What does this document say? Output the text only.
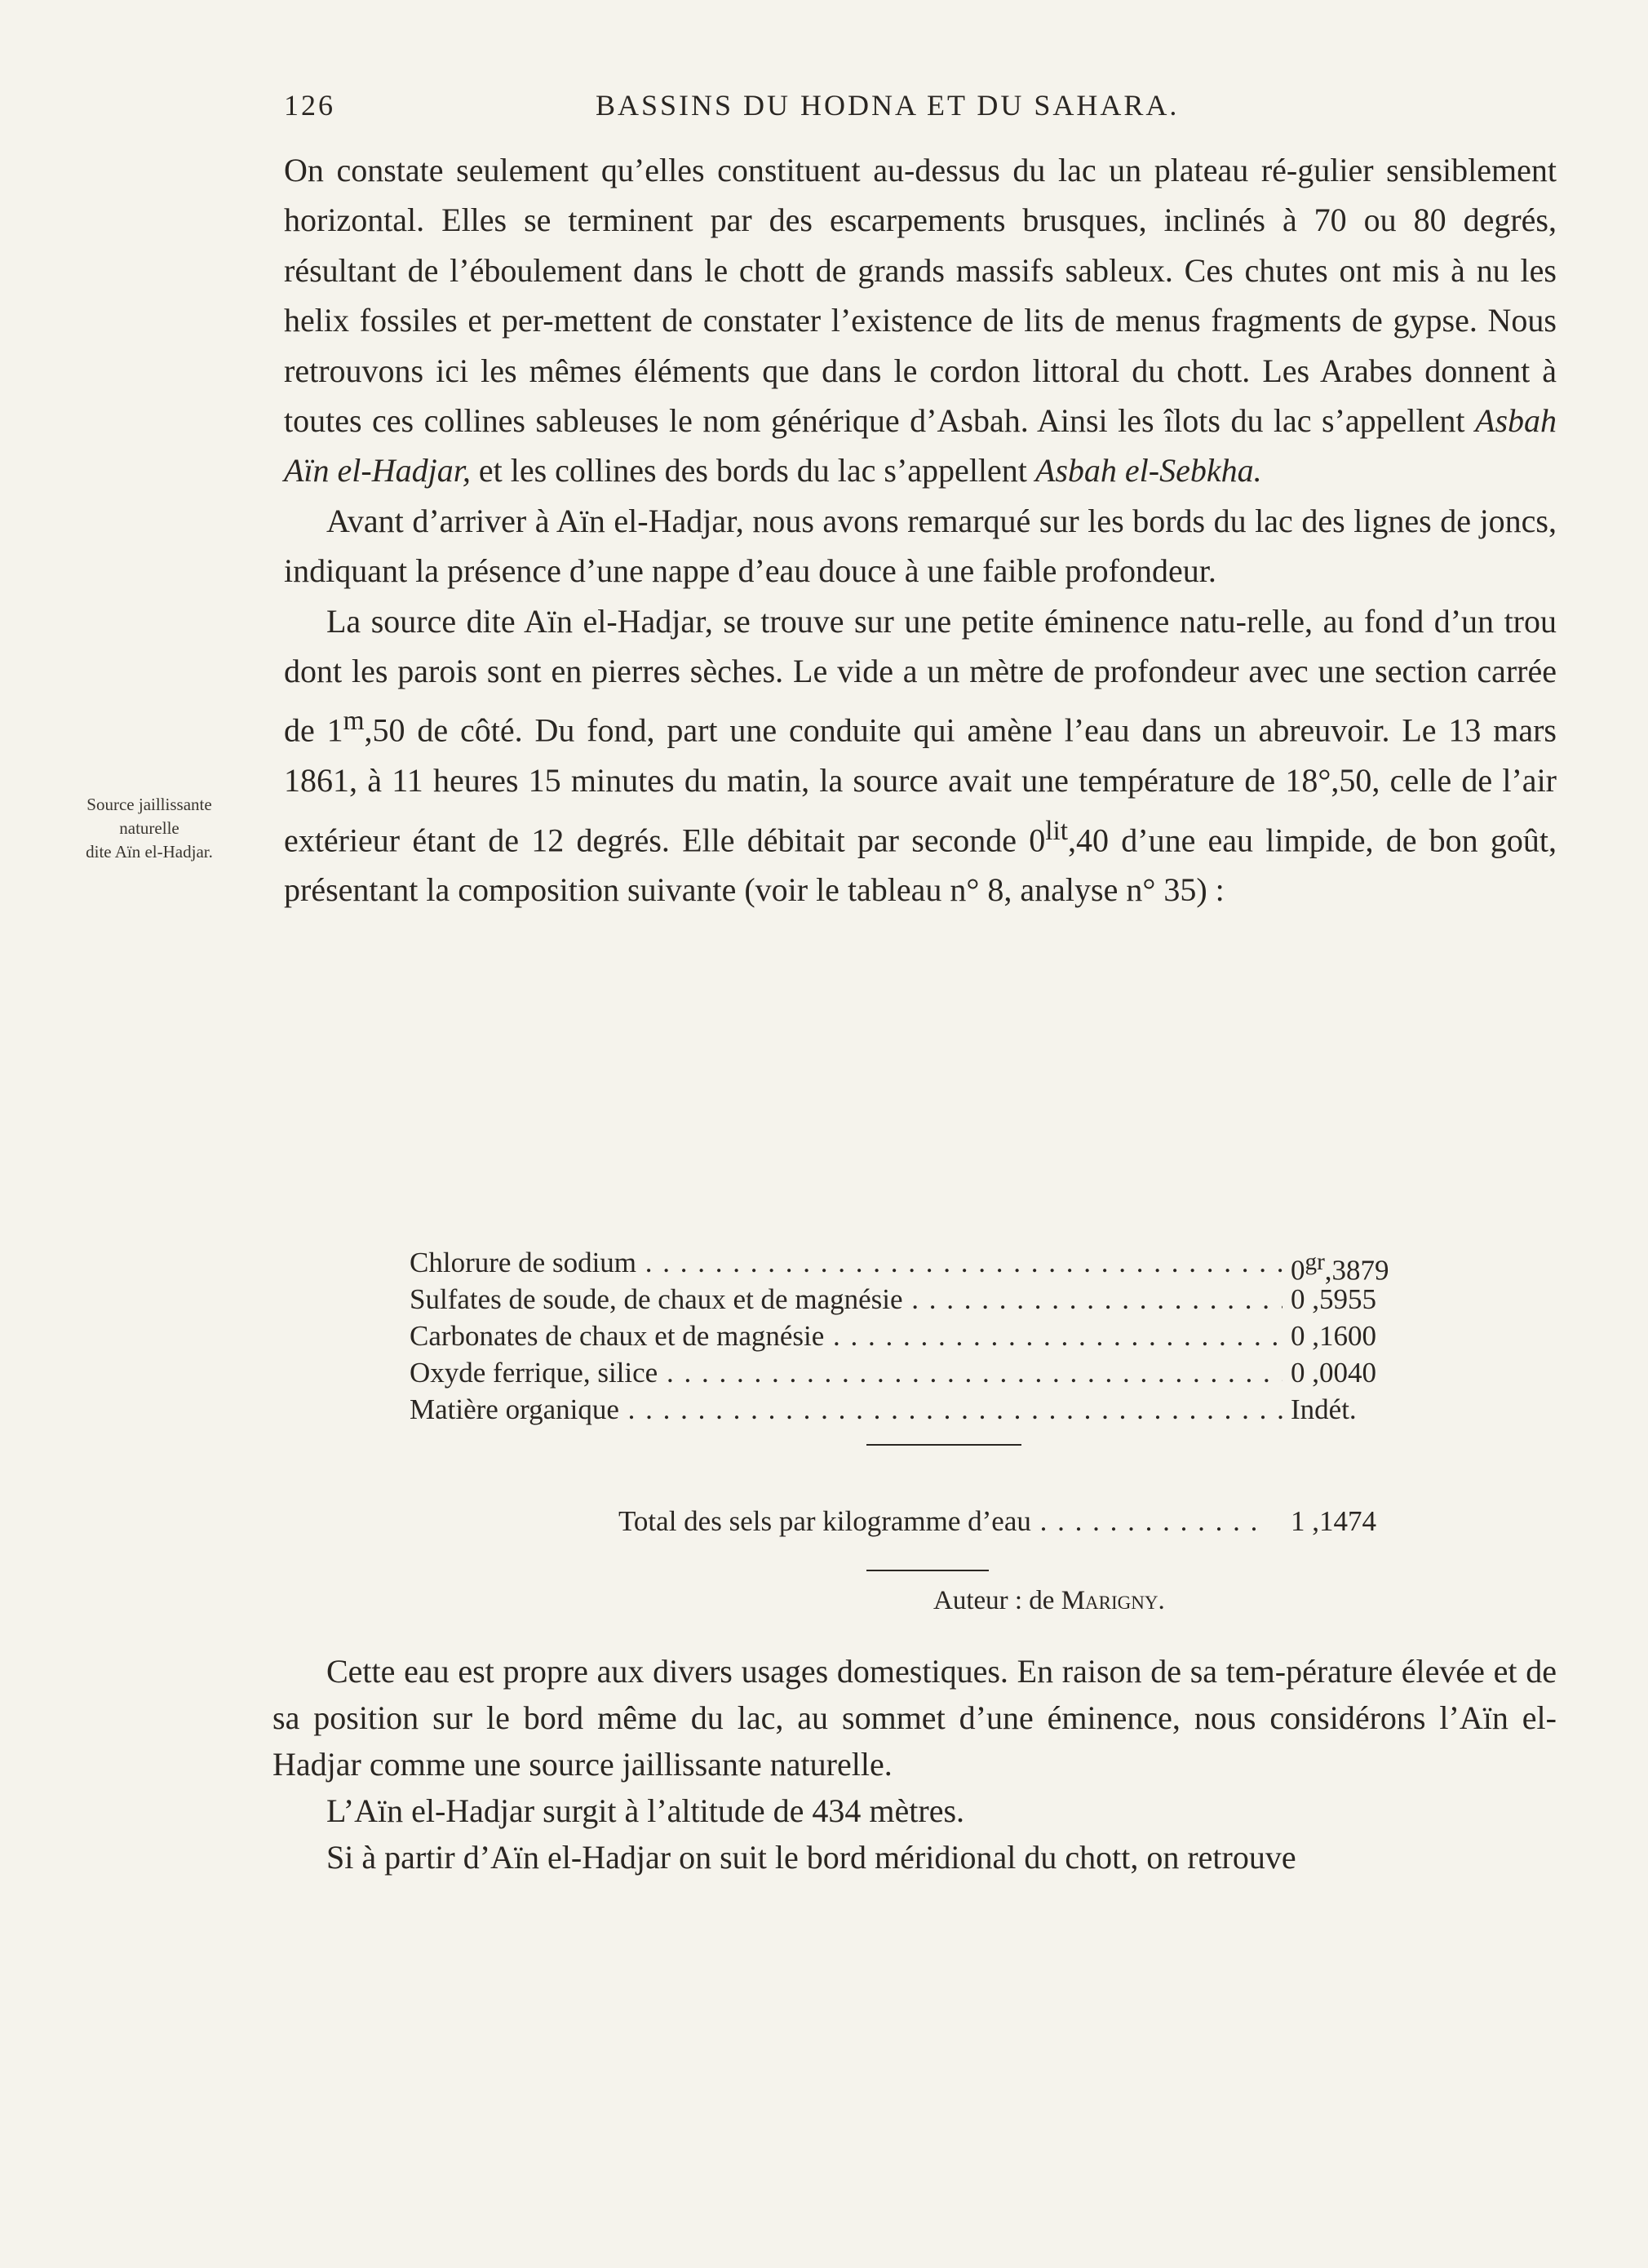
126	BASSINS DU HODNA ET DU SAHARA.
Source jaillissante
naturelle
dite Aïn el-Hadjar.

On constate seulement qu’elles constituent au-dessus du lac un plateau ré-gulier sensiblement horizontal. Elles se terminent par des escarpements brusques, inclinés à 70 ou 80 degrés, résultant de l’éboulement dans le chott de grands massifs sableux. Ces chutes ont mis à nu les helix fossiles et per-mettent de constater l’existence de lits de menus fragments de gypse. Nous retrouvons ici les mêmes éléments que dans le cordon littoral du chott. Les Arabes donnent à toutes ces collines sableuses le nom générique d’Asbah. Ainsi les îlots du lac s’appellent Asbah Aïn el-Hadjar, et les collines des bords du lac s’appellent Asbah el-Sebkha.

Avant d’arriver à Aïn el-Hadjar, nous avons remarqué sur les bords du lac des lignes de joncs, indiquant la présence d’une nappe d’eau douce à une faible profondeur.

La source dite Aïn el-Hadjar, se trouve sur une petite éminence natu-relle, au fond d’un trou dont les parois sont en pierres sèches. Le vide a un mètre de profondeur avec une section carrée de 1$^m$,50 de côté. Du fond, part une conduite qui amène l’eau dans un abreuvoir. Le 13 mars 1861, à 11 heures 15 minutes du matin, la source avait une température de 18°,50, celle de l’air extérieur étant de 12 degrés. Elle débitait par seconde $0^{lit},40$ d’une eau limpide, de bon goût, présentant la composition suivante (voir le tableau n° 8, analyse n° 35) :

Chlorure de sodium . . .	$0^{gr},3879$
Sulfates de soude, de chaux et de magnésie . . .	0 ,5955
Carbonates de chaux et de magnésie . . .	0 ,1600
Oxyde ferrique, silice . . .	0 ,0040
Matière organique . . .	Indét.
Total des sels par kilogramme d’eau . . .	1 ,1474
Auteur : de Marigny.

Cette eau est propre aux divers usages domestiques. En raison de sa tem-pérature élevée et de sa position sur le bord même du lac, au sommet d’une éminence, nous considérons l’Aïn el-Hadjar comme une source jaillissante naturelle.

L’Aïn el-Hadjar surgit à l’altitude de 434 mètres.

Si à partir d’Aïn el-Hadjar on suit le bord méridional du chott, on retrouve
